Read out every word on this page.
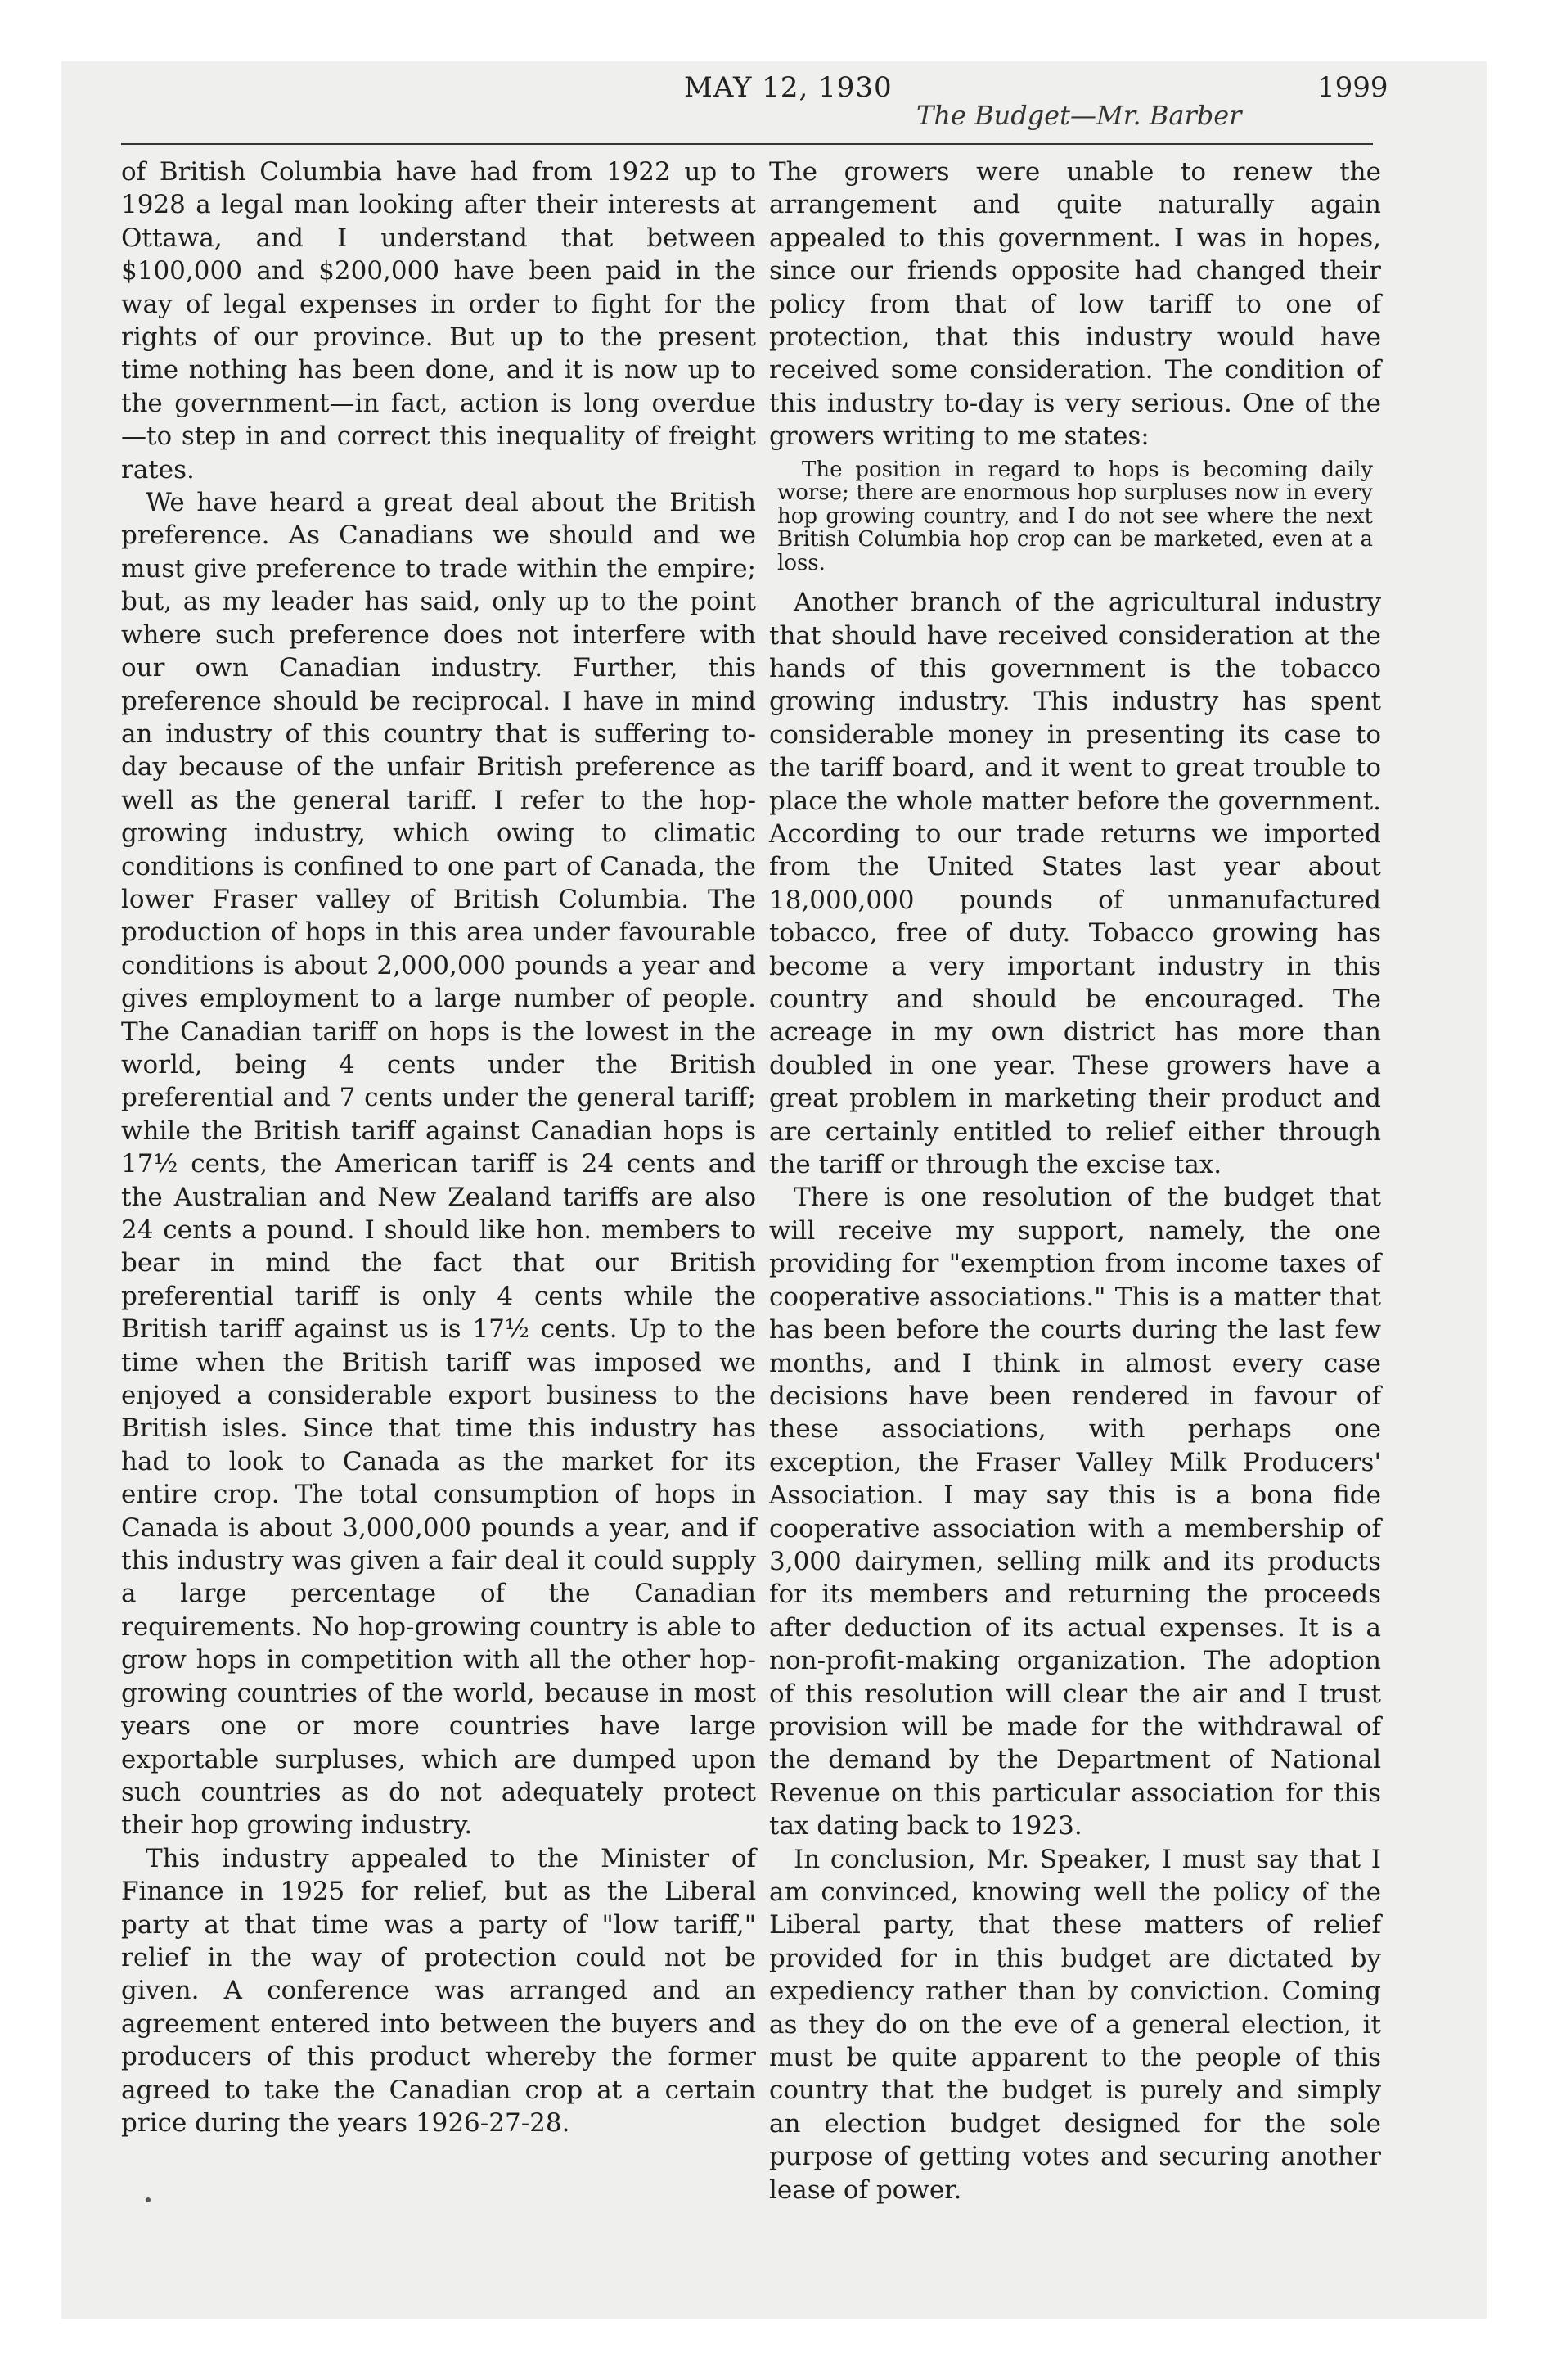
MAY 12, 1930
The Budget—Mr. Barber
1999

of British Columbia have had from 1922 up to 1928 a legal man looking after their interests at Ottawa, and I understand that between $100,000 and $200,000 have been paid in the way of legal expenses in order to fight for the rights of our province. But up to the present time nothing has been done, and it is now up to the government—in fact, action is long overdue—to step in and correct this inequality of freight rates.

We have heard a great deal about the British preference. As Canadians we should and we must give preference to trade within the empire; but, as my leader has said, only up to the point where such preference does not interfere with our own Canadian industry. Further, this preference should be reciprocal. I have in mind an industry of this country that is suffering to-day because of the unfair British preference as well as the general tariff. I refer to the hop-growing industry, which owing to climatic conditions is confined to one part of Canada, the lower Fraser valley of British Columbia. The production of hops in this area under favourable conditions is about 2,000,000 pounds a year and gives employment to a large number of people. The Canadian tariff on hops is the lowest in the world, being 4 cents under the British preferential and 7 cents under the general tariff; while the British tariff against Canadian hops is 17½ cents, the American tariff is 24 cents and the Australian and New Zealand tariffs are also 24 cents a pound. I should like hon. members to bear in mind the fact that our British preferential tariff is only 4 cents while the British tariff against us is 17½ cents. Up to the time when the British tariff was imposed we enjoyed a considerable export business to the British isles. Since that time this industry has had to look to Canada as the market for its entire crop. The total consumption of hops in Canada is about 3,000,000 pounds a year, and if this industry was given a fair deal it could supply a large percentage of the Canadian requirements. No hop-growing country is able to grow hops in competition with all the other hop-growing countries of the world, because in most years one or more countries have large exportable surpluses, which are dumped upon such countries as do not adequately protect their hop growing industry.

This industry appealed to the Minister of Finance in 1925 for relief, but as the Liberal party at that time was a party of "low tariff," relief in the way of protection could not be given. A conference was arranged and an agreement entered into between the buyers and producers of this product whereby the former agreed to take the Canadian crop at a certain price during the years 1926-27-28.

The growers were unable to renew the arrangement and quite naturally again appealed to this government. I was in hopes, since our friends opposite had changed their policy from that of low tariff to one of protection, that this industry would have received some consideration. The condition of this industry to-day is very serious. One of the growers writing to me states:

The position in regard to hops is becoming daily worse; there are enormous hop surpluses now in every hop growing country, and I do not see where the next British Columbia hop crop can be marketed, even at a loss.

Another branch of the agricultural industry that should have received consideration at the hands of this government is the tobacco growing industry. This industry has spent considerable money in presenting its case to the tariff board, and it went to great trouble to place the whole matter before the government. According to our trade returns we imported from the United States last year about 18,000,000 pounds of unmanufactured tobacco, free of duty. Tobacco growing has become a very important industry in this country and should be encouraged. The acreage in my own district has more than doubled in one year. These growers have a great problem in marketing their product and are certainly entitled to relief either through the tariff or through the excise tax.

There is one resolution of the budget that will receive my support, namely, the one providing for "exemption from income taxes of cooperative associations." This is a matter that has been before the courts during the last few months, and I think in almost every case decisions have been rendered in favour of these associations, with perhaps one exception, the Fraser Valley Milk Producers' Association. I may say this is a bona fide cooperative association with a membership of 3,000 dairymen, selling milk and its products for its members and returning the proceeds after deduction of its actual expenses. It is a non-profit-making organization. The adoption of this resolution will clear the air and I trust provision will be made for the withdrawal of the demand by the Department of National Revenue on this particular association for this tax dating back to 1923.

In conclusion, Mr. Speaker, I must say that I am convinced, knowing well the policy of the Liberal party, that these matters of relief provided for in this budget are dictated by expediency rather than by conviction. Coming as they do on the eve of a general election, it must be quite apparent to the people of this country that the budget is purely and simply an election budget designed for the sole purpose of getting votes and securing another lease of power.
